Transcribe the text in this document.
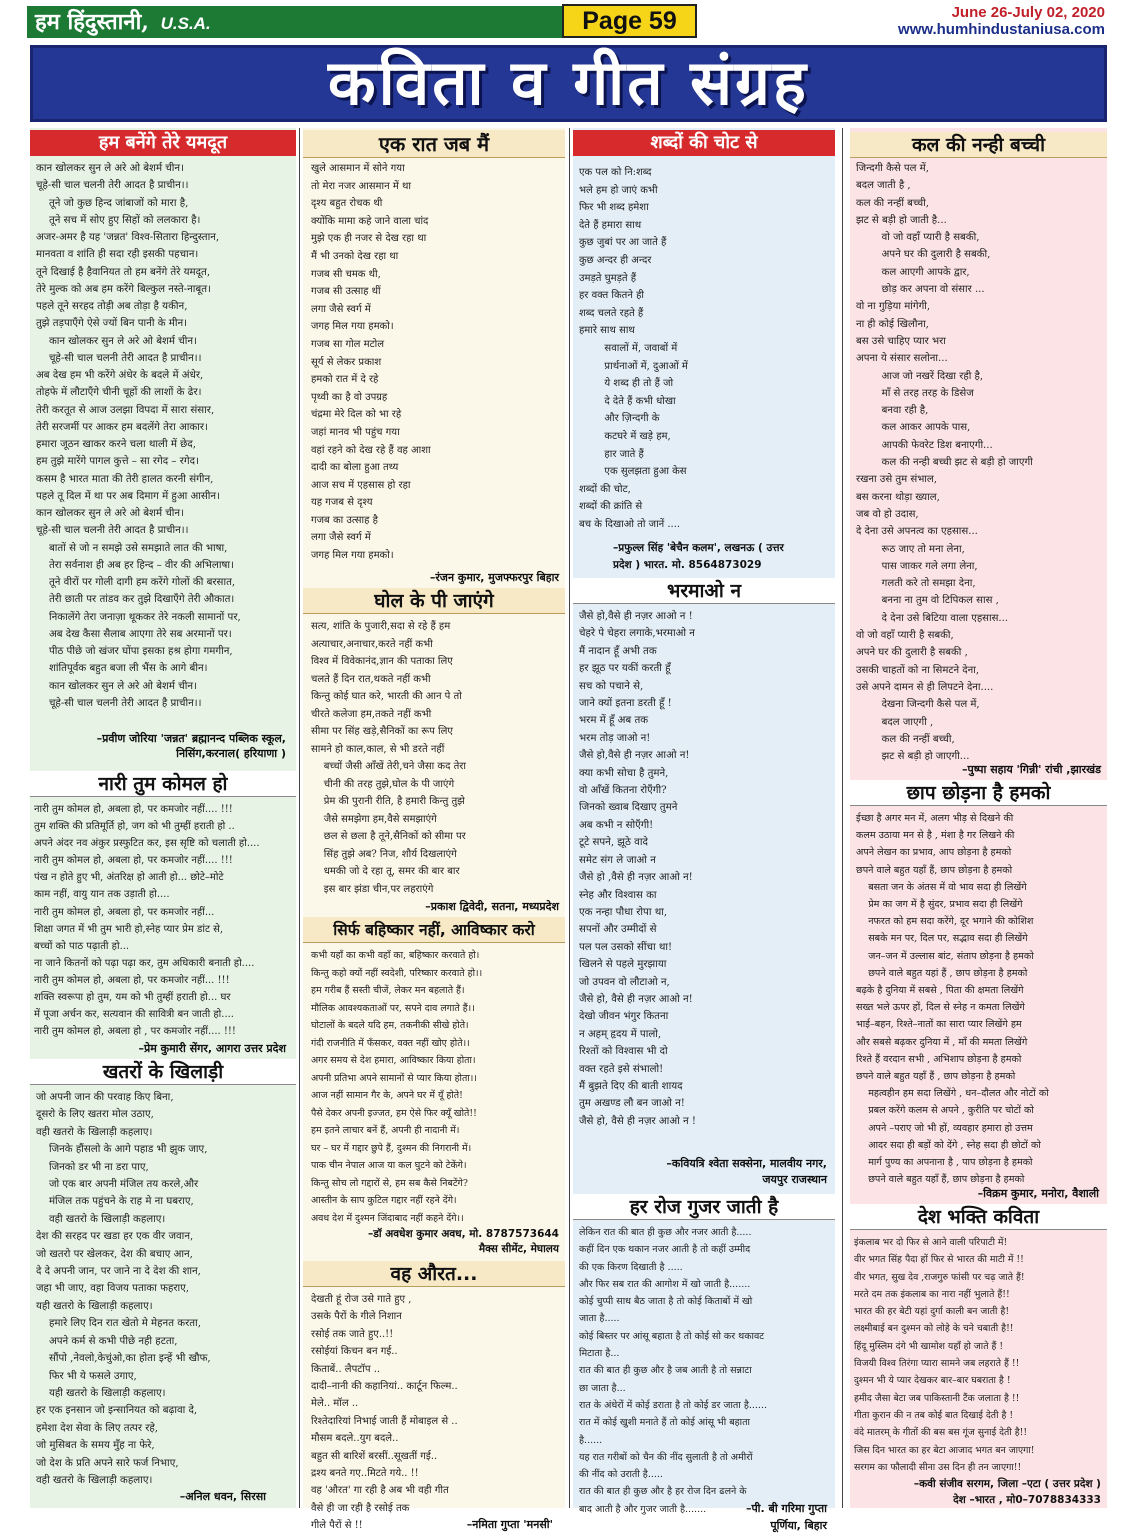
हम हिंदुस्तानी, U.S.A.	Page 59	June 26-July 02, 2020
www.humhindustaniusa.com
कविता व गीत संग्रह
हम बनेंगे तेरे यमदूत
कान खोलकर सुन ले अरे ओ बेशर्म चीन।
चूहे-सी चाल चलनी तेरी आदत है प्राचीन।।
तूने जो कुछ हिन्द जांबाजों को मारा है,
तूने सच में सोए हुए सिहों को ललकारा है।
अजर-अमर है यह 'जन्नत' विश्व-सितारा हिन्दुस्तान,
मानवता व शांति ही सदा रही इसकी पहचान।
तूने दिखाई है हैवानियत तो हम बनेंगे तेरे यमदूत,
तेरे मुल्क को अब हम करेंगे बिल्कुल नस्ते-नाबूत।
पहले तूने सरहद तोड़ी अब तोड़ा है यकीन,
तुझे तड़पाएँगे ऐसे ज्यों बिन पानी के मीन।
कान खोलकर सुन ले अरे ओ बेशर्म चीन।
चूहे-सी चाल चलनी तेरी आदत है प्राचीन।।
अब देख हम भी करेंगे अंधेर के बदले में अंधेर,
तोहफे में लौटाएँगे चीनी चूहों की लाशों के ढेर।
तेरी करतूत से आज उलझा विपदा में सारा संसार,
तेरी सरजमीं पर आकर हम बदलेंगे तेरा आकार।
हमारा जूठन खाकर करने चला थाली में छेद,
हम तुझे मारेंगे पागल कुत्ते – सा रगेद – रगेद।
कसम है भारत माता की तेरी हालत करनी संगीन,
पहले तू दिल में था पर अब दिमाग में हुआ आसीन।
कान खोलकर सुन ले अरे ओ बेशर्म चीन।
चूहे-सी चाल चलनी तेरी आदत है प्राचीन।।
बातों से जो न समझे उसे समझाते लात की भाषा,
तेरा सर्वनाश ही अब हर हिन्द – वीर की अभिलाषा।
तूने वीरों पर गोली दागी हम करेंगे गोलों की बरसात,
तेरी छाती पर तांडव कर तुझे दिखाएँगे तेरी औकात।
निकालेंगे तेरा जनाज़ा थूककर तेरे नकली सामानों पर,
अब देख कैसा सैलाब आएगा तेरे सब अरमानों पर।
पीठ पीछे जो खंजर घोंपा इसका हश्र होगा गमगीन,
शांतिपूर्वक बहुत बजा ली भैंस के आगे बीन।
कान खोलकर सुन ले अरे ओ बेशर्म चीन।
चूहे-सी चाल चलनी तेरी आदत है प्राचीन।।
–प्रवीण जोरिया 'जन्नत' ब्रह्मानन्द पब्लिक स्कूल,
निसिंग,करनाल( हरियाणा )
नारी तुम कोमल हो
नारी तुम कोमल हो, अबला हो, पर कमजोर नहीं.... !!!
तुम शक्ति की प्रतिमूर्ति हो, जग को भी तुम्हीं हराती हो ..
अपने अंदर नव अंकुर प्रस्फुटित कर, इस सृष्टि को चलाती हो....
नारी तुम कोमल हो, अबला हो, पर कमजोर नहीं.... !!!
पंख न होते हुए भी, अंतरिक्ष हो आती हो... छोटे–मोटे
काम नहीं, वायु यान तक उड़ाती हो....
नारी तुम कोमल हो, अबला हो, पर कमजोर नहीं...
शिक्षा जगत में भी तुम भारी हो,स्नेह प्यार प्रेम डांट से,
बच्चों को पाठ पढ़ाती हो...
ना जाने कितनों को पढ़ा पढ़ा कर, तुम अधिकारी बनाती हो....
नारी तुम कोमल हो, अबला हो, पर कमजोर नहीं... !!!
शक्ति स्वरूपा हो तुम, यम को भी तुम्हीं हराती हो... घर
में पूजा अर्चन कर, सत्यवान की सावित्री बन जाती हो....
नारी तुम कोमल हो, अबला हो , पर कमजोर नहीं.... !!!
–प्रेम कुमारी सेंगर, आगरा उत्तर प्रदेश
खतरों के खिलाड़ी
जो अपनी जान की परवाह किए बिना,
दूसरो के लिए खतरा मोल उठाए,
वही खतरो के खिलाड़ी कहलाए।
जिनके हौंसलो के आगे पहाड भी झुक जाए,
जिनको डर भी ना डरा पाए,
जो एक बार अपनी मंजिल तय करले,और
मंजिल तक पहुंचने के राह मे ना घबराए,
वही खतरो के खिलाड़ी कहलाए।
देश की सरहद पर खडा हर एक वीर जवान,
जो खतरो पर खेलकर, देश की बचाए आन,
दे दे अपनी जान, पर जाने ना दे देश की शान,
जहा भी जाए, वहा विजय पताका फहराए,
यही खतरो के खिलाड़ी कहलाए।
हमारे लिए दिन रात खेतो मे मेहनत करता,
अपने कर्म से कभी पीछे नही हटता,
सौंपो ,नेवलो,केचुंओ,का होता इन्हें भी खौफ,
फिर भी ये फसले उगाए,
यही खतरो के खिलाड़ी कहलाए।
हर एक इनसान जो इन्सानियत को बढ़ावा दे,
हमेशा देश सेवा के लिए तत्पर रहे,
जो मुसिबत के समय मुँह ना फेरे,
जो देश के प्रति अपने सारे फर्ज निभाए,
वही खतरो के खिलाड़ी कहलाए।
–अनिल धवन, सिरसा
एक रात जब मैं
खुले आसमान में सोने गया
तो मेरा नजर आसमान में था
दृश्य बहुत रोचक थी
क्योंकि मामा कहे जाने वाला चांद
मुझे एक ही नजर से देख रहा था
मैं भी उनको देख रहा था
गजब सी चमक थी,
गजब सी उत्साह थीं
लगा जैसे स्वर्ग में
जगह मिल गया हमको।
गजब सा गोल मटोल
सूर्य से लेकर प्रकाश
हमको रात में दे रहे
पृथ्वी का है वो उपग्रह
चंद्रमा मेरे दिल को भा रहे
जहां मानव भी पहुंच गया
वहां रहने को देख रहे हैं वह आशा
दादी का बोला हुआ तथ्य
आज सच में एहसास हो रहा
यह गजब से दृश्य
गजब का उत्साह है
लगा जैसे स्वर्ग में
जगह मिल गया हमको।
–रंजन कुमार, मुजफ्फरपुर बिहार
घोल के पी जाएंगे
सत्य, शांति के पुजारी,सदा से रहे हैं हम
अत्याचार,अनाचार,करते नहीं कभी
विश्व में विवेकानंद,ज्ञान की पताका लिए
चलते हैं दिन रात,थकते नहीं कभी
किन्तु कोई घात करे, भारती की आन पे तो
चीरते कलेजा हम,तकते नहीं कभी
सीमा पर सिंह खड़े,सैनिकों का रूप लिए
सामने हो काल,काल, से भी डरते नहीं
बच्चों जैसी आँखें तेरी,चने जैसा कद तेरा
चीनी की तरह तुझे,घोल के पी जाएंगे
प्रेम की पुरानी रीति, है हमारी किन्तु तुझे
जैसे समझेगा हम,वैसे समझाएंगे
छल से छला है तूने,सैनिकों को सीमा पर
सिंह तुझे अब? निज, शौर्य दिखलाएंगे
धमकी जो दे रहा तू, समर की बार बार
इस बार झंडा चीन,पर लहराएंगे
–प्रकाश द्विवेदी, सतना, मध्यप्रदेश
सिर्फ बहिष्कार नहीं, आविष्कार करो
कभी यहाँ का कभी वहाँ का, बहिष्कार करवाते हो।
किन्तु कहो क्यों नहीं स्वदेशी, परिष्कार करवाते हो।।
हम गरीब हैं सस्ती चीजें, लेकर मन बहलाते हैं।
मौलिक आवश्यकताओं पर, सपने दाव लगाते हैं।।
घोटालों के बदले यदि हम, तकनीकी सीखे होते।
गंदी राजनीति में फँसकर, वक्त नहीं खोए होते।।
अगर समय से देश हमारा, आविष्कार किया होता।
अपनी प्रतिभा अपने सामानों से प्यार किया होता।।
आज नहीं सामान गैर के, अपने घर में यूँ होते!
पैसे देकर अपनी इज्जत, हम ऐसे फिर क्यूँ खोते!!
हम इतने लाचार बनें हैं, अपनी ही नादानी में।
घर – घर में गद्दार छुपे हैं, दुश्मन की निगरानी में।
पाक चीन नेपाल आज या कल घुटने को टेकेंगे।
किन्तु सोच लो गद्दारों से, हम सब कैसे निबटेंगे?
आस्तीन के साप कुटिल गद्दार नहीं रहने देंगे।
अवध देश में दुश्मन जिंदाबाद नहीं कहने देंगे।।
–डॉ अवधेश कुमार अवध, मो. 8787573644
मैक्स सीमेंट, मेघालय
वह औरत...
देखती हूं रोज उसे गाते हुए ,
उसके पैरों के गीले निशान
रसोई तक जाते हुए..!!
रसोईयां किचन बन गई..
किताबें.. लैपटॉप ..
दादी–नानी की कहानियां.. कार्टून फिल्म..
मेले.. मॉल ..
रिश्तेदारियां निभाई जाती हैं मोबाइल से ..
मौसम बदले..युग बदले..
बहुत सी बारिशें बरसीं..सूखतीं गई..
द्रश्य बनते गए..मिटते गये.. !!
वह 'औरत' गा रही है अब भी वही गीत
वैसे ही जा रही है रसोई तक
गीले पैरों से !!	–नमिता गुप्ता 'मनसी'
शब्दों की चोट से
एक पल को नि:शब्द
भले हम हो जाएं कभी
फिर भी शब्द हमेशा
देते हैं हमारा साथ
कुछ जुबां पर आ जाते हैं
कुछ अन्दर ही अन्दर
उमड़ते घुमड़ते हैं
हर वक्त कितने ही
शब्द चलते रहते हैं
हमारे साथ साथ
सवालों में, जवाबों में
प्रार्थनाओं में, दुआओं में
ये शब्द ही तो हैं जो
दे देते हैं कभी धोखा
और ज़िन्दगी के
कटघरे में खड़े हम,
हार जाते हैं
एक सुलझता हुआ केस
शब्दों की चोट,
शब्दों की क्रांति से
बच के दिखाओ तो जानें ....
–प्रफुल्ल सिंह 'बेचैन कलम', लखनऊ ( उत्तर
प्रदेश ) भारत. मो. 8564873029
भरमाओ न
जैसे हो,वैसे ही नज़र आओ न !
चेहरे पे चेहरा लगाके,भरमाओ न
मैं नादान हूँ अभी तक
हर झूठ पर यकीं करती हूँ
सच को पचाने से,
जाने क्यों इतना डरती हूँ !
भरम में हूँ अब तक
भरम तोड़ जाओ न!
जैसे हो,वैसे ही नज़र आओ न!
क्या कभी सोचा है तुमने,
वो आँखें कितना रोएँगी?
जिनको ख्वाब दिखाए तुमने
अब कभी न सोएँगी!
टूटे सपने, झूठे वादे
समेट संग ले जाओ न
जैसे हो ,वैसे ही नज़र आओ न!
स्नेह और विश्वास का
एक नन्हा पौधा रोपा था,
सपनों और उम्मीदों से
पल पल उसको सींचा था!
खिलने से पहले मुरझाया
जो उपवन वो लौटाओ न,
जैसे हो, वैसे ही नज़र आओ न!
देखो जीवन भंगुर कितना
न अहम् हृदय में पालो,
रिश्तों को विश्वास भी दो
वक्त रहते इसे संभालो!
मैं बुझते दिए की बाती शायद
तुम अखण्ड लौ बन जाओ न!
जैसे हो, वैसे ही नज़र आओ न !
–कवियत्रि श्वेता सक्सेना, मालवीय नगर,
जयपुर राजस्थान
हर रोज गुजर जाती है
लेकिन रात की बात ही कुछ और नजर आती है.....
कहीं दिन एक थकान नजर आती है तो कहीं उम्मीद
की एक किरण दिखाती है .....
और फिर सब रात की आगोश में खो जाती है.......
कोई चुप्पी साध बैठ जाता है तो कोई किताबों में खो
जाता है.....
कोई बिस्तर पर आंसू बहाता है तो कोई सो कर थकावट
मिटाता है...
रात की बात ही कुछ और है जब आती है तो सन्नाटा
छा जाता है...
रात के अंधेरों में कोई डराता है तो कोई डर जाता है......
रात में कोई खुशी मनाते हैं तो कोई आंसू भी बहाता
है......
यह रात गरीबों को चैन की नींद सुलाती है तो अमीरों
की नींद को उराती है.....
रात की बात ही कुछ और है हर रोज दिन ढलने के
बाद आती है और गुजर जाती है.......	–पी. बी गरिमा गुप्ता
पूर्णिया, बिहार
कल की नन्ही बच्ची
जिन्दगी कैसे पल में,
बदल जाती है ,
कल की नन्हीं बच्ची,
झट से बड़ी हो जाती है...
वो जो वहाँ प्यारी है सबकी,
अपने घर की दुलारी है सबकी,
कल आएगी आपके द्वार,
छोड़ कर अपना वो संसार ...
वो ना गुड़िया मांगेगी,
ना ही कोई खिलौना,
बस उसे चाहिए प्यार भरा
अपना ये संसार सलोना...
आज जो नखरें दिखा रही है,
माँ से तरह तरह के डिसेज
बनवा रही है,
कल आकर आपके पास,
आपकी फेवरेट डिश बनाएगी...
कल की नन्ही बच्ची झट से बड़ी हो जाएगी
रखना उसे तुम संभाल,
बस करना थोड़ा ख्याल,
जब वो हो उदास,
दे देना उसे अपनत्व का एहसास...
रूठ जाए तो मना लेना,
पास जाकर गले लगा लेना,
गलती करे तो समझा देना,
बनना ना तुम वो टिपिकल सास ,
दे देना उसे बिटिया वाला एहसास...
वो जो वहाँ प्यारी है सबकी,
अपने घर की दुलारी है सबकी ,
उसकी चाहतों को ना सिमटने देना,
उसे अपने दामन से ही लिपटने देना....
देखना जिन्दगी कैसे पल में,
बदल जाएगी ,
कल की नन्हीं बच्ची,
झट से बड़ी हो जाएगी...
–पुष्पा सहाय 'गिन्नी' रांची ,झारखंड
छाप छोड़ना है हमको
ईच्छा है अगर मन में, अलग भीड़ से दिखने की
कलम उठाया मन से है , मंशा है गर लिखने की
अपने लेखन का प्रभाव, आप छोड़ना है हमको
छपने वाले बहुत यहाँ हैं, छाप छोड़ना है हमको
बसता जन के अंतस में वो भाव सदा ही लिखेंगे
प्रेम का जग में है सुंदर, प्रभाव सदा ही लिखेंगे
नफरत को हम सदा करेंगे, दूर भगाने की कोशिश
सबके मन पर, दिल पर, सद्भाव सदा ही लिखेंगे
जन–जन में उल्लास बांट, संताप छोड़ना है हमको
छपने वाले बहुत यहां हैं , छाप छोड़ना है हमको
बढ़के है दुनिया में सबसे , पिता की क्षमता लिखेंगे
सख्त भले ऊपर हों, दिल से स्नेह न कमता लिखेंगे
भाई–बहन, रिश्ते–नातों का सारा प्यार लिखेंगे हम
और सबसे बढ़कर दुनिया में , माँ की ममता लिखेंगे
रिश्ते हैं वरदान सभी , अभिशाप छोड़ना है हमको
छपने वाले बहुत यहाँ हैं , छाप छोड़ना है हमको
महत्वहीन हम सदा लिखेंगे , धन–दौलत और नोटों को
प्रबल करेंगे कलम से अपने , कुरीति पर चोटों को
अपने –पराए जो भी हों, व्यवहार हमारा हो उत्तम
आदर सदा ही बड़ों को देंगे , स्नेह सदा ही छोटों को
मार्ग पुण्य का अपनाना है , पाप छोड़ना है हमको
छपने वाले बहुत यहाँ हैं, छाप छोड़ना है हमको
–विक्रम कुमार, मनोरा, वैशाली
देश भक्ति कविता
इंकलाब भर दो फिर से आने वाली परिपाटी में!
वीर भगत सिंह पैदा हों फिर से भारत की माटी में !!
वीर भगत, सुख देव ,राजगुरु फांसी पर चढ़ जाते हैं!
मरते दम तक इंकलाब का नारा नहीं भुलाते हैं!!
भारत की हर बेटी यहां दुर्गा काली बन जाती है!
लक्ष्मीबाई बन दुश्मन को लोहे के चने चबाती है!!
हिंदू मुस्लिम दंगे भी खामोश यहाँ हो जाते हैं !
विजयी विश्व तिरंगा प्यारा सामने जब लहराते हैं !!
दुश्मन भी ये प्यार देखकर बार–बार घबराता है !
हमीद जैसा बेटा जब पाकिस्तानी टैंक जलाता है !!
गीता कुरान की न तब कोई बात दिखाई देती है !
वंदे मातरम् के गीतों की बस बस गूंज सुनाई देती है!!
जिस दिन भारत का हर बेटा आजाद भगत बन जाएगा!
सरगम का फौलादी सीना उस दिन ही तन जाएगा!!
–कवी संजीव सरगम, जिला –एटा ( उत्तर प्रदेश )
देश –भारत , मो0–7078834333
